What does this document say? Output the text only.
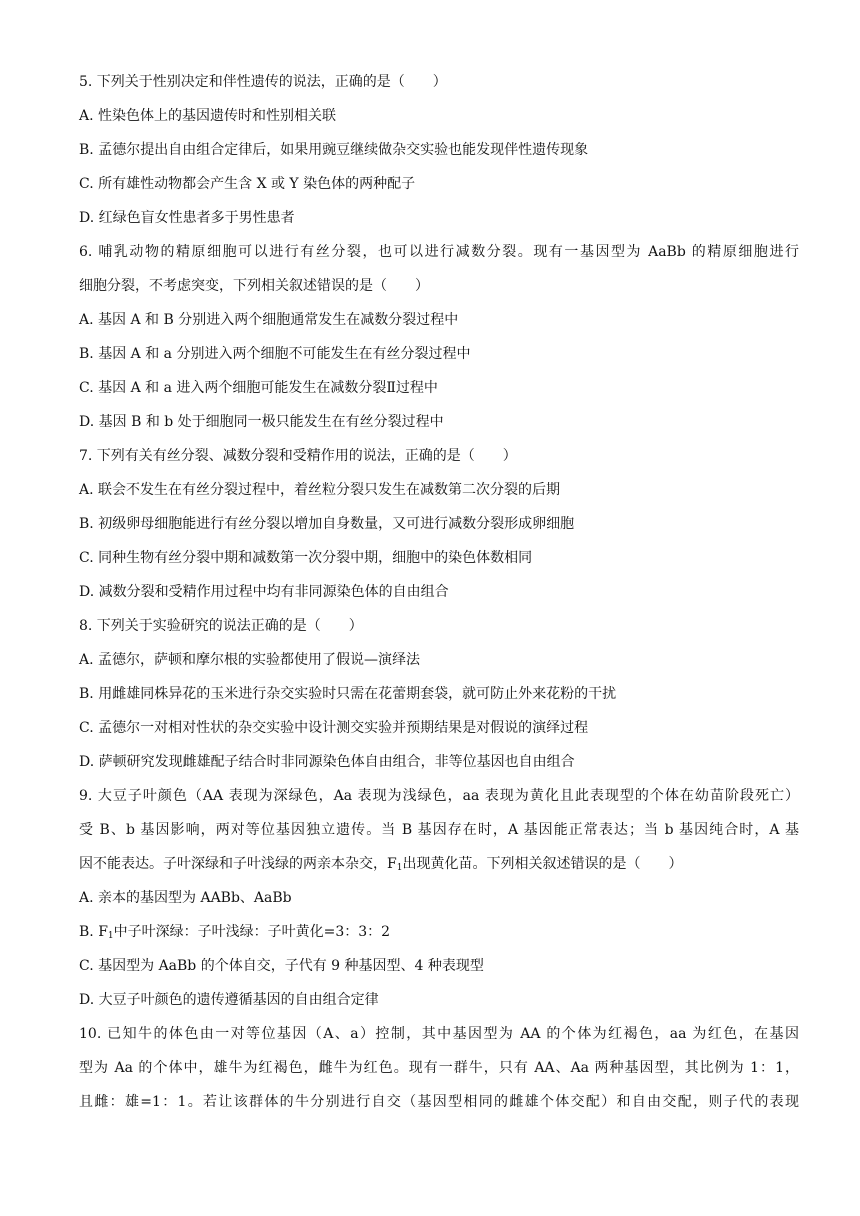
5. 下列关于性别决定和伴性遗传的说法，正确的是（　　）
A. 性染色体上的基因遗传时和性别相关联
B. 孟德尔提出自由组合定律后，如果用豌豆继续做杂交实验也能发现伴性遗传现象
C. 所有雄性动物都会产生含 X 或 Y 染色体的两种配子
D. 红绿色盲女性患者多于男性患者
6. 哺乳动物的精原细胞可以进行有丝分裂，也可以进行减数分裂。现有一基因型为 AaBb 的精原细胞进行
细胞分裂，不考虑突变，下列相关叙述错误的是（　　）
A. 基因 A 和 B 分别进入两个细胞通常发生在减数分裂过程中
B. 基因 A 和 a 分别进入两个细胞不可能发生在有丝分裂过程中
C. 基因 A 和 a 进入两个细胞可能发生在减数分裂Ⅱ过程中
D. 基因 B 和 b 处于细胞同一极只能发生在有丝分裂过程中
7. 下列有关有丝分裂、减数分裂和受精作用的说法，正确的是（　　）
A. 联会不发生在有丝分裂过程中，着丝粒分裂只发生在减数第二次分裂的后期
B. 初级卵母细胞能进行有丝分裂以增加自身数量，又可进行减数分裂形成卵细胞
C. 同种生物有丝分裂中期和减数第一次分裂中期，细胞中的染色体数相同
D. 减数分裂和受精作用过程中均有非同源染色体的自由组合
8. 下列关于实验研究的说法正确的是（　　）
A. 孟德尔，萨顿和摩尔根的实验都使用了假说—演绎法
B. 用雌雄同株异花的玉米进行杂交实验时只需在花蕾期套袋，就可防止外来花粉的干扰
C. 孟德尔一对相对性状的杂交实验中设计测交实验并预期结果是对假说的演绎过程
D. 萨顿研究发现雌雄配子结合时非同源染色体自由组合，非等位基因也自由组合
9. 大豆子叶颜色（AA 表现为深绿色，Aa 表现为浅绿色，aa 表现为黄化且此表现型的个体在幼苗阶段死亡）
受 B、b 基因影响，两对等位基因独立遗传。当 B 基因存在时，A 基因能正常表达；当 b 基因纯合时，A 基
因不能表达。子叶深绿和子叶浅绿的两亲本杂交，$F_1$出现黄化苗。下列相关叙述错误的是（　　）
A. 亲本的基因型为 AABb、AaBb
B. $F_1$中子叶深绿：子叶浅绿：子叶黄化=3：3：2
C. 基因型为 AaBb 的个体自交，子代有 9 种基因型、4 种表现型
D. 大豆子叶颜色的遗传遵循基因的自由组合定律
10. 已知牛的体色由一对等位基因（A、a）控制，其中基因型为 AA 的个体为红褐色，aa 为红色，在基因
型为 Aa 的个体中，雄牛为红褐色，雌牛为红色。现有一群牛，只有 AA、Aa 两种基因型，其比例为 1：1，
且雌：雄=1：1。若让该群体的牛分别进行自交（基因型相同的雌雄个体交配）和自由交配，则子代的表现
